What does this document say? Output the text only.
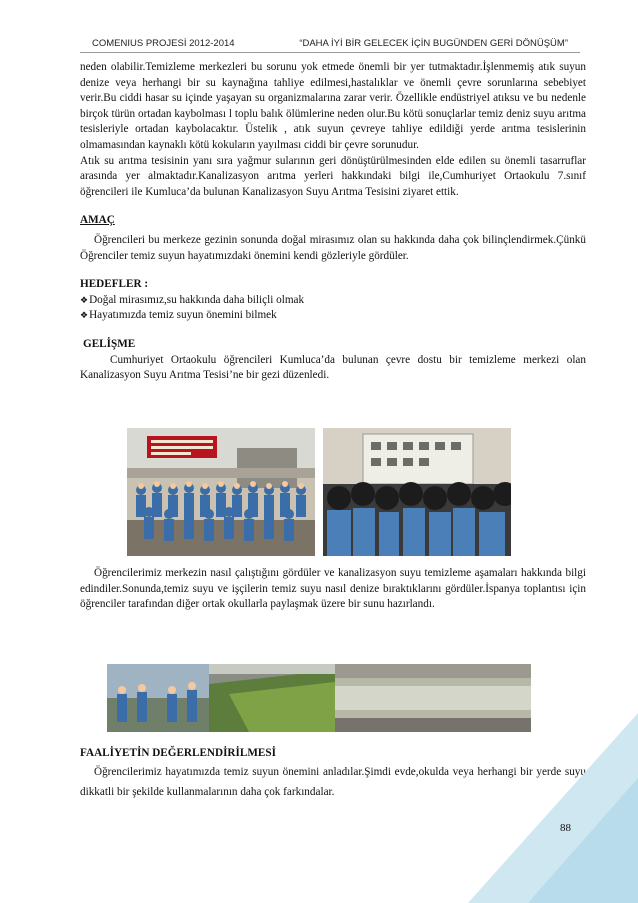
COMENIUS PROJESİ 2012-2014	“DAHA İYİ BİR GELECEK İÇİN BUGÜNDEN GERİ DÖNÜŞÜM”

neden olabilir.Temizleme merkezleri bu sorunu yok etmede önemli bir yer tutmaktadır.İşlenmemiş atık suyun denize veya herhangi bir su kaynağına tahliye edilmesi,hastalıklar ve önemli çevre sorunlarına sebebiyet verir.Bu ciddi hasar su içinde yaşayan su organizmalarına zarar verir. Özellikle endüstriyel atıksu ve bu nedenle birçok türün ortadan kaybolması l toplu balık ölümlerine neden olur.Bu kötü sonuçlarlar temiz deniz suyu arıtma tesisleriyle ortadan kaybolacaktır. Üstelik , atık suyun çevreye tahliye edildiği yerde arıtma tesislerinin olmamasından kaynaklı kötü kokuların yayılması ciddi bir çevre sorunudur.

Atık su arıtma tesisinin yanı sıra yağmur sularının geri dönüştürülmesinden elde edilen su önemli tasarruflar arasında yer almaktadır.Kanalizasyon arıtma yerleri hakkındaki bilgi ile,Cumhuriyet Ortaokulu 7.sınıf öğrencileri ile Kumluca’da bulunan Kanalizasyon Suyu Arıtma Tesisini ziyaret ettik.

AMAÇ

Öğrencileri bu merkeze gezinin sonunda doğal mirasımız olan su hakkında daha çok bilinçlendirmek.Çünkü Öğrenciler temiz suyun hayatımızdaki önemini kendi gözleriyle gördüler.

HEDEFLER :

❖ Doğal mirasımız,su hakkında daha biliçli olmak

❖ Hayatımızda temiz suyun önemini bilmek

GELİŞME

Cumhuriyet Ortaokulu öğrencileri Kumluca’da bulunan çevre dostu bir temizleme merkezi olan Kanalizasyon Suyu Arıtma Tesisi’ne bir gezi düzenledi.

Öğrencilerimiz merkezin nasıl çalıştığını gördüler ve kanalizasyon suyu temizleme aşamaları hakkında bilgi edindiler.Sonunda,temiz suyu ve işçilerin temiz suyu nasıl denize bıraktıklarını gördüler.İspanya toplantısı için öğrenciler tarafından diğer ortak okullarla paylaşmak üzere bir sunu hazırlandı.

FAALİYETİN DEĞERLENDİRİLMESİ

Öğrencilerimiz hayatımızda temiz suyun önemini anladılar.Şimdi evde,okulda veya herhangi bir yerde suyu dikkatli bir şekilde kullanmalarının daha çok farkındalar.

88
